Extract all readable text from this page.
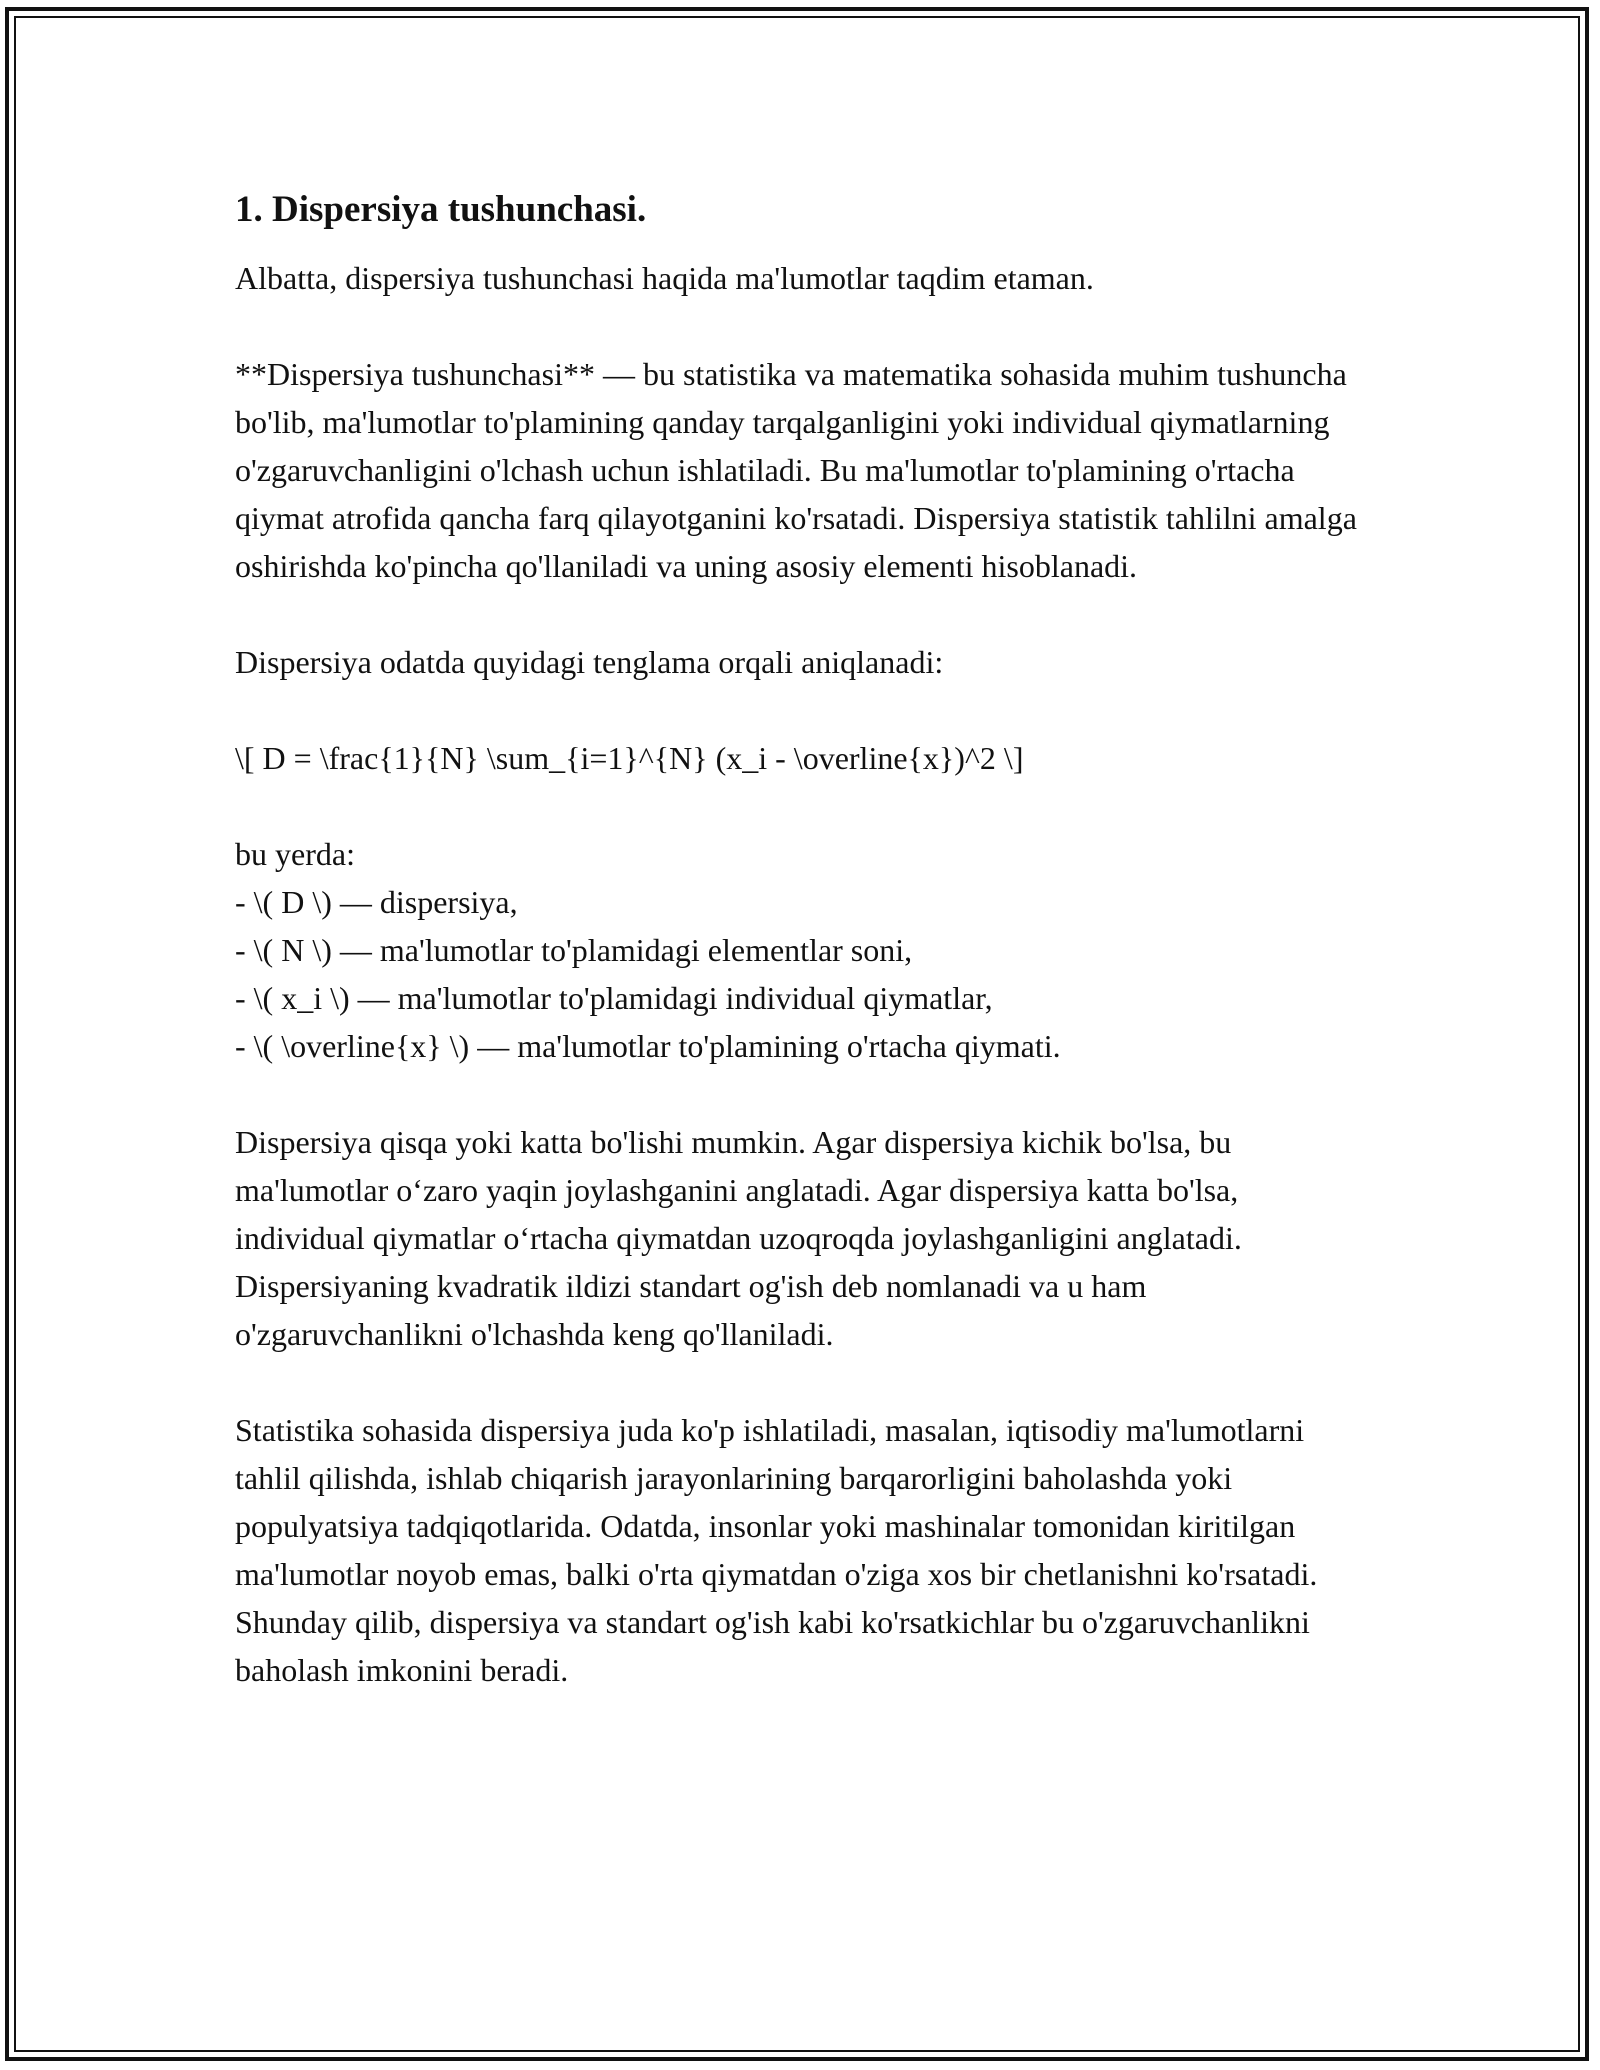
1. Dispersiya tushunchasi.
Albatta, dispersiya tushunchasi haqida ma'lumotlar taqdim etaman.
**Dispersiya tushunchasi** — bu statistika va matematika sohasida muhim tushuncha bo'lib, ma'lumotlar to'plamining qanday tarqalganligini yoki individual qiymatlarning o'zgaruvchanligini o'lchash uchun ishlatiladi. Bu ma'lumotlar to'plamining o'rtacha qiymat atrofida qancha farq qilayotganini ko'rsatadi. Dispersiya statistik tahlilni amalga oshirishda ko'pincha qo'llaniladi va uning asosiy elementi hisoblanadi.
Dispersiya odatda quyidagi tenglama orqali aniqlanadi:
\[ D = \frac{1}{N} \sum_{i=1}^{N} (x_i - \overline{x})^2 \]
bu yerda:
- \( D \) — dispersiya,
- \( N \) — ma'lumotlar to'plamidagi elementlar soni,
- \( x_i \) — ma'lumotlar to'plamidagi individual qiymatlar,
- \( \overline{x} \) — ma'lumotlar to'plamining o'rtacha qiymati.
Dispersiya qisqa yoki katta bo'lishi mumkin. Agar dispersiya kichik bo'lsa, bu ma'lumotlar o‘zaro yaqin joylashganini anglatadi. Agar dispersiya katta bo'lsa, individual qiymatlar o‘rtacha qiymatdan uzoqroqda joylashganligini anglatadi. Dispersiyaning kvadratik ildizi standart og'ish deb nomlanadi va u ham o'zgaruvchanlikni o'lchashda keng qo'llaniladi.
Statistika sohasida dispersiya juda ko'p ishlatiladi, masalan, iqtisodiy ma'lumotlarni tahlil qilishda, ishlab chiqarish jarayonlarining barqarorligini baholashda yoki populyatsiya tadqiqotlarida. Odatda, insonlar yoki mashinalar tomonidan kiritilgan ma'lumotlar noyob emas, balki o'rta qiymatdan o'ziga xos bir chetlanishni ko'rsatadi. Shunday qilib, dispersiya va standart og'ish kabi ko'rsatkichlar bu o'zgaruvchanlikni baholash imkonini beradi.
